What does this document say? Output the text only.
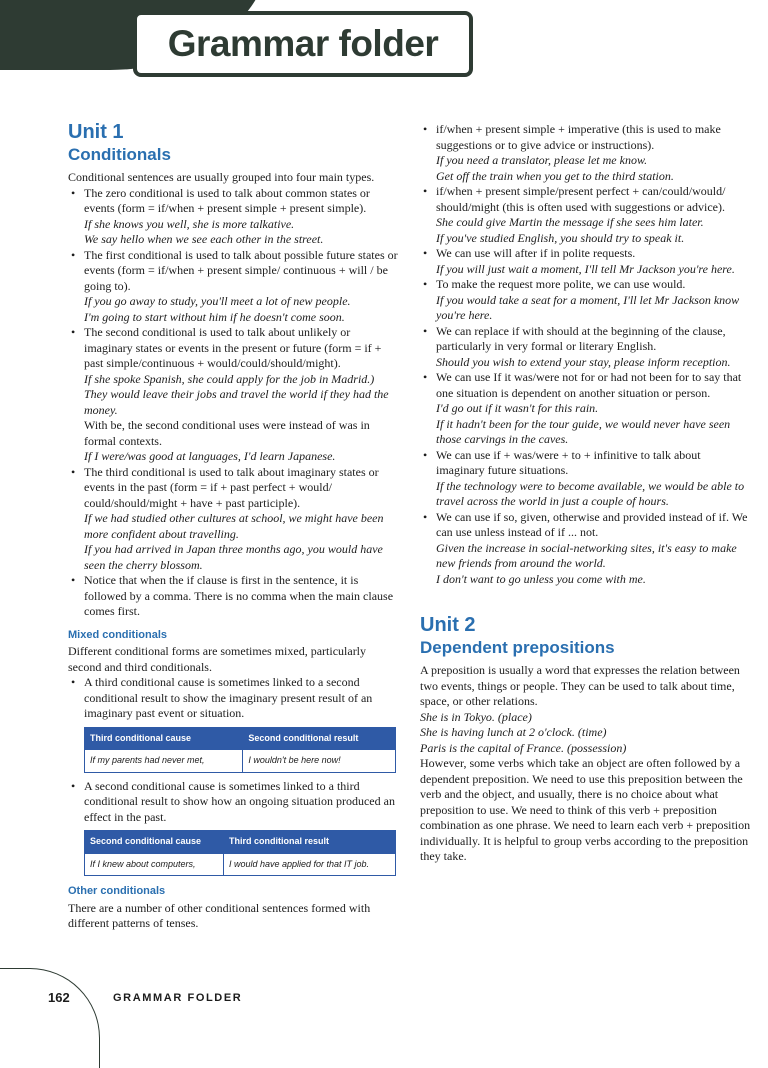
Grammar folder
Unit 1
Conditionals

Conditional sentences are usually grouped into four main types.

• The zero conditional is used to talk about common states or events (form = if/when + present simple + present simple).
If she knows you well, she is more talkative.
We say hello when we see each other in the street.
• The first conditional is used to talk about possible future states or events (form = if/when + present simple/ continuous + will / be going to).
If you go away to study, you'll meet a lot of new people.
I'm going to start without him if he doesn't come soon.
• The second conditional is used to talk about unlikely or imaginary states or events in the present or future (form = if + past simple/continuous + would/could/should/might).
If she spoke Spanish, she could apply for the job in Madrid.)
They would leave their jobs and travel the world if they had the money.
With be, the second conditional uses were instead of was in formal contexts.
If I were/was good at languages, I'd learn Japanese.
• The third conditional is used to talk about imaginary states or events in the past (form = if + past perfect + would/ could/should/might + have + past participle).
If we had studied other cultures at school, we might have been more confident about travelling.
If you had arrived in Japan three months ago, you would have seen the cherry blossom.
• Notice that when the if clause is first in the sentence, it is followed by a comma. There is no comma when the main clause comes first.
Mixed conditionals

Different conditional forms are sometimes mixed, particularly second and third conditionals.

• A third conditional cause is sometimes linked to a second conditional result to show the imaginary present result of an imaginary past event or situation.
Third conditional cause	Second conditional result
If my parents had never met,	I wouldn't be here now!
• A second conditional cause is sometimes linked to a third conditional result to show how an ongoing situation produced an effect in the past.
Second conditional cause	Third conditional result
If I knew about computers,	I would have applied for that IT job.
Other conditionals

There are a number of other conditional sentences formed with different patterns of tenses.

• if/when + present simple + imperative (this is used to make suggestions or to give advice or instructions).
If you need a translator, please let me know.
Get off the train when you get to the third station.
• if/when + present simple/present perfect + can/could/would/ should/might (this is often used with suggestions or advice).
She could give Martin the message if she sees him later.
If you've studied English, you should try to speak it.
• We can use will after if in polite requests.
If you will just wait a moment, I'll tell Mr Jackson you're here.
• To make the request more polite, we can use would.
If you would take a seat for a moment, I'll let Mr Jackson know you're here.
• We can replace if with should at the beginning of the clause, particularly in very formal or literary English.
Should you wish to extend your stay, please inform reception.
• We can use If it was/were not for or had not been for to say that one situation is dependent on another situation or person.
I'd go out if it wasn't for this rain.
If it hadn't been for the tour guide, we would never have seen those carvings in the caves.
• We can use if + was/were + to + infinitive to talk about imaginary future situations.
If the technology were to become available, we would be able to travel across the world in just a couple of hours.
• We can use if so, given, otherwise and provided instead of if. We can use unless instead of if ... not.
Given the increase in social-networking sites, it's easy to make new friends from around the world.
I don't want to go unless you come with me.
Unit 2
Dependent prepositions

A preposition is usually a word that expresses the relation between two events, things or people. They can be used to talk about time, space, or other relations.

She is in Tokyo. (place)
She is having lunch at 2 o'clock. (time)
Paris is the capital of France. (possession)

However, some verbs which take an object are often followed by a dependent preposition. We need to use this preposition between the verb and the object, and usually, there is no choice about what preposition to use. We need to think of this verb + preposition combination as one phrase. We need to learn each verb + preposition individually. It is helpful to group verbs according to the preposition they take.

162	GRAMMAR FOLDER
